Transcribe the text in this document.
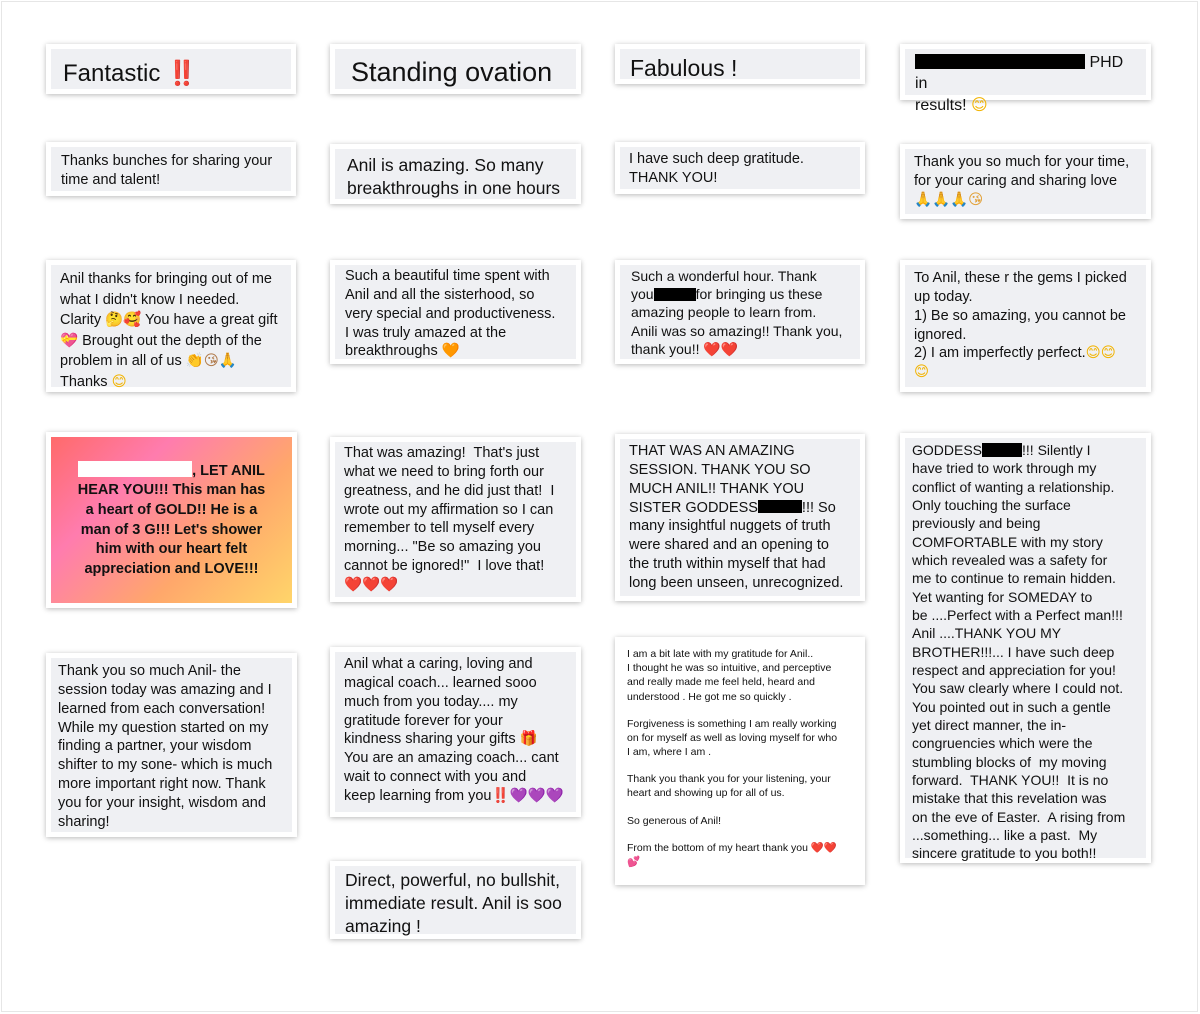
Fantastic ‼️	Standing ovation	Fabulous !	PHD in
results! 😊
Thanks bunches for sharing your
time and talent!
Anil is amazing. So many
breakthroughs in one hours
I have such deep gratitude.
THANK YOU!
Thank you so much for your time,
for your caring and sharing love
🙏🙏🙏😘
Anil thanks for bringing out of me
what I didn't know I needed.
Clarity 🤔🥰 You have a great gift
💝 Brought out the depth of the
problem in all of us 👏😘🙏
Thanks 😊
Such a beautiful time spent with
Anil and all the sisterhood, so
very special and productiveness.
I was truly amazed at the
breakthroughs 🧡
Such a wonderful hour. Thank
you	for bringing us these
amazing people to learn from.
Anili was so amazing!! Thank you,
thank you!! ❤️❤️
To Anil, these r the gems I picked
up today.
1) Be so amazing, you cannot be
ignored.
2) I am imperfectly perfect.😊😊
😊
, LET ANIL
HEAR YOU!!! This man has
a heart of GOLD!! He is a
man of 3 G!!! Let's shower
him with our heart felt
appreciation and LOVE!!!
That was amazing!  That's just
what we need to bring forth our
greatness, and he did just that!  I
wrote out my affirmation so I can
remember to tell myself every
morning... "Be so amazing you
cannot be ignored!"  I love that!
❤️❤️❤️
THAT WAS AN AMAZING
SESSION. THANK YOU SO
MUCH ANIL!! THANK YOU
SISTER GODDESS	!!! So
many insightful nuggets of truth
were shared and an opening to
the truth within myself that had
long been unseen, unrecognized.
GODDESS	!!! Silently I
have tried to work through my
conflict of wanting a relationship.
Only touching the surface
previously and being
COMFORTABLE with my story
which revealed was a safety for
me to continue to remain hidden.
Yet wanting for SOMEDAY to
be ....Perfect with a Perfect man!!!
Anil ....THANK YOU MY
BROTHER!!!... I have such deep
respect and appreciation for you!
You saw clearly where I could not.
You pointed out in such a gentle
yet direct manner, the in-
congruencies which were the
stumbling blocks of  my moving
forward.  THANK YOU!!  It is no
mistake that this revelation was
on the eve of Easter.  A rising from
...something... like a past.  My
sincere gratitude to you both!!
Thank you so much Anil- the
session today was amazing and I
learned from each conversation!
While my question started on my
finding a partner, your wisdom
shifter to my sone- which is much
more important right now. Thank
you for your insight, wisdom and
sharing!
Anil what a caring, loving and
magical coach... learned sooo
much from you today.... my
gratitude forever for your
kindness sharing your gifts 🎁
You are an amazing coach... cant
wait to connect with you and
keep learning from you‼️💜💜💜
I am a bit late with my gratitude for Anil..
I thought he was so intuitive, and perceptive
and really made me feel held, heard and
understood . He got me so quickly .
Forgiveness is something I am really working
on for myself as well as loving myself for who
I am, where I am .
Thank you thank you for your listening, your
heart and showing up for all of us.
So generous of Anil!
From the bottom of my heart thank you ❤️❤️
💕
Direct, powerful, no bullshit,
immediate result. Anil is soo
amazing !
